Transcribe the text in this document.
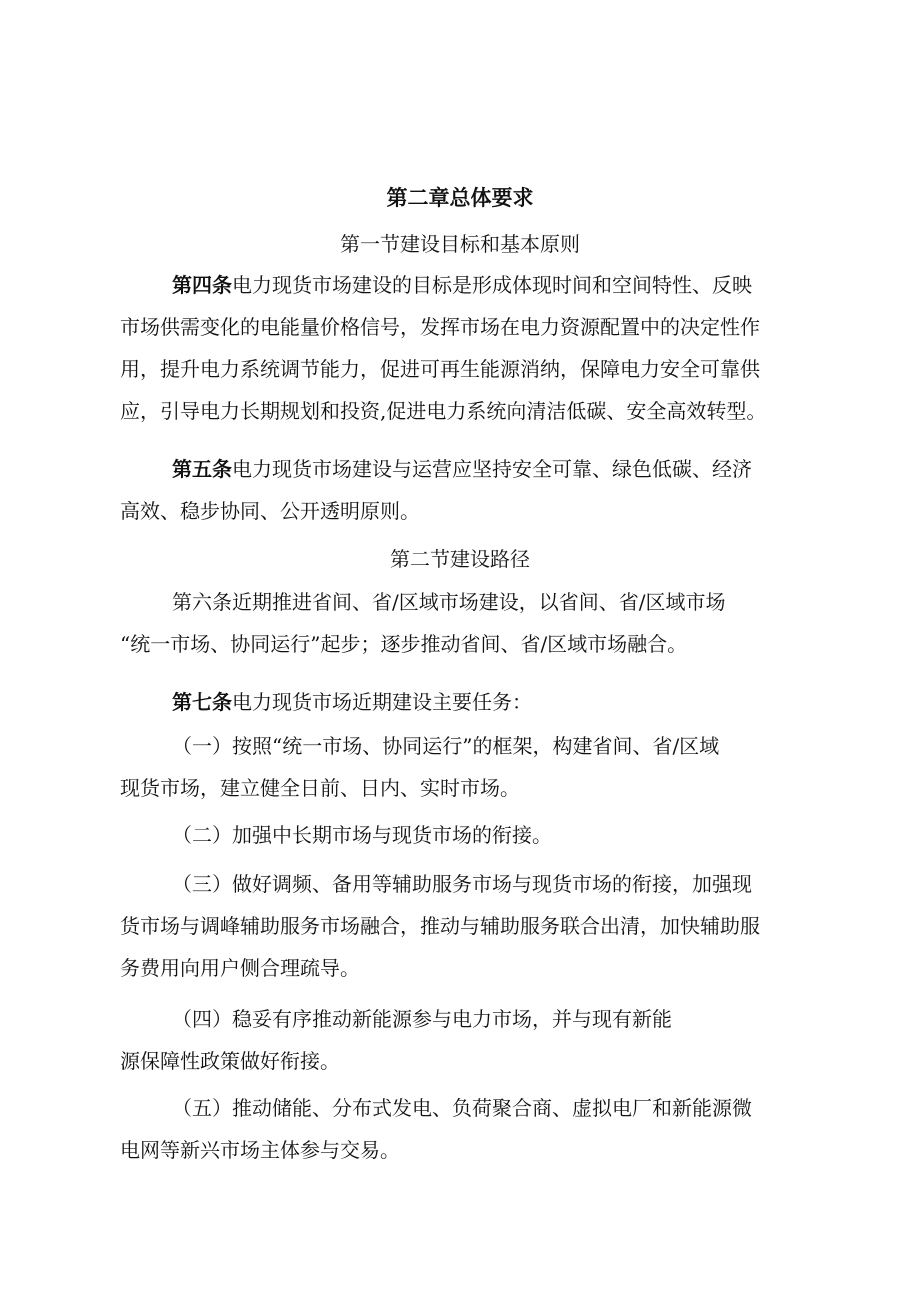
第二章总体要求
第一节建设目标和基本原则
第四条电力现货市场建设的目标是形成体现时间和空间特性、反映
市场供需变化的电能量价格信号，发挥市场在电力资源配置中的决定性作
用，提升电力系统调节能力，促进可再生能源消纳，保障电力安全可靠供
应，引导电力长期规划和投资,促进电力系统向清洁低碳、安全高效转型。
第五条电力现货市场建设与运营应坚持安全可靠、绿色低碳、经济
高效、稳步协同、公开透明原则。
第二节建设路径
第六条近期推进省间、省/区域市场建设，以省间、省/区域市场
“统一市场、协同运行”起步；逐步推动省间、省/区域市场融合。
第七条电力现货市场近期建设主要任务：
（一）按照“统一市场、协同运行”的框架，构建省间、省/区域
现货市场，建立健全日前、日内、实时市场。
（二）加强中长期市场与现货市场的衔接。
（三）做好调频、备用等辅助服务市场与现货市场的衔接，加强现
货市场与调峰辅助服务市场融合，推动与辅助服务联合出清，加快辅助服
务费用向用户侧合理疏导。
（四）稳妥有序推动新能源参与电力市场，并与现有新能
源保障性政策做好衔接。
（五）推动储能、分布式发电、负荷聚合商、虚拟电厂和新能源微
电网等新兴市场主体参与交易。
